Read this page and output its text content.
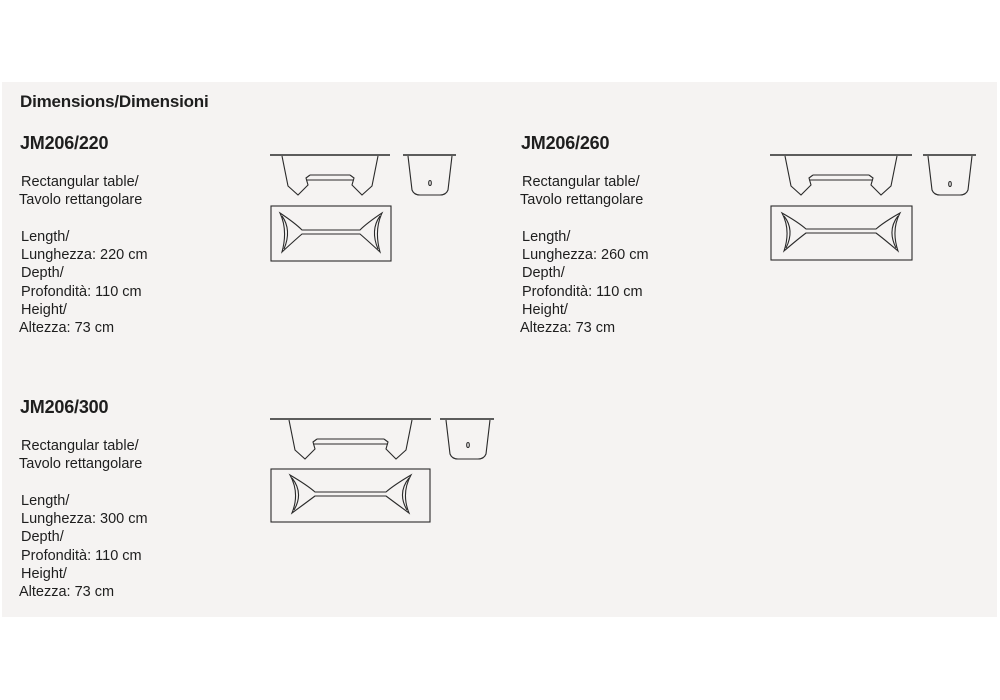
Dimensions/Dimensioni
JM206/220
Rectangular table/
Tavolo rettangolare
Length/
Lunghezza: 220 cm
Depth/
Profondità: 110 cm
Height/
Altezza: 73 cm
JM206/260
Rectangular table/
Tavolo rettangolare
Length/
Lunghezza: 260 cm
Depth/
Profondità: 110 cm
Height/
Altezza: 73 cm
JM206/300
Rectangular table/
Tavolo rettangolare
Length/
Lunghezza: 300 cm
Depth/
Profondità: 110 cm
Height/
Altezza: 73 cm
